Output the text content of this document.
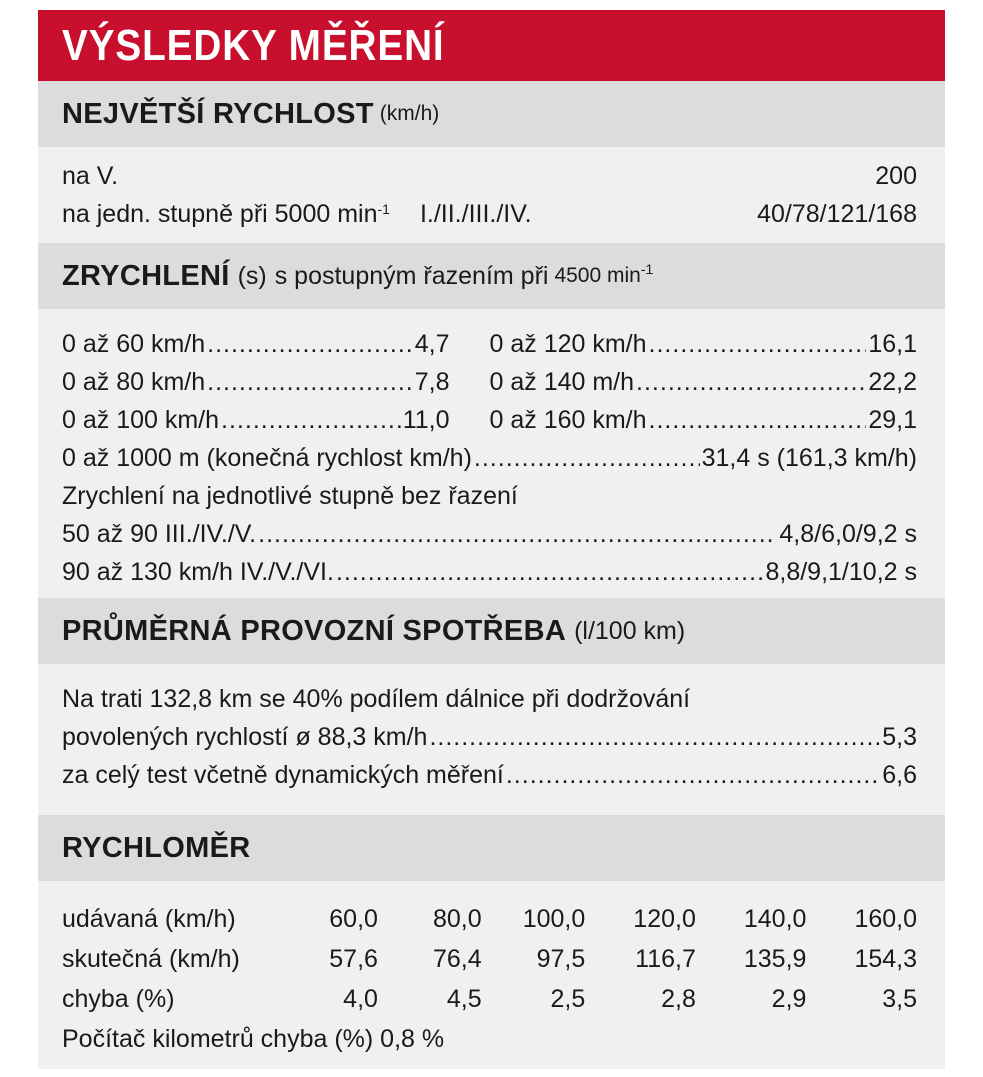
VÝSLEDKY MĚŘENÍ
NEJVĚTŠÍ RYCHLOST (km/h)
na V.	200
na jedn. stupně při 5000 $\min^{-1} I./II./III./IV$.	40/78/121/168
ZRYCHLENÍ (s) s postupným řazením při 4500 $\min^{-1}$
0 až 60 km/h .....	4,7 0 až 120 km/h .....	16,1
0 až 80 km/h .....	7,8 0 až 140 m/h .....	22,2
0 až 100 km/h .....	11,0 0 až 160 km/h .....	29,1
0 až 1000 m (konečná rychlost km/h) .....	31,4 s (161,3 km/h)
Zrychlení na jednotlivé stupně bez řazení
50 až 90 III./IV./V. .....	4,8/6,0/9,2 s
90 až 130 km/h IV./V./VI. .....	8,8/9,1/10,2 s
PRŮMĚRNÁ PROVOZNÍ SPOTŘEBA (l/100 km)
Na trati 132,8 km se 40% podílem dálnice při dodržování
povolených rychlostí ø 88,3 km/h .....	5,3
za celý test včetně dynamických měření .....	6,6
RYCHLOMĚR
udávaná (km/h)	60,0	80,0	100,0	120,0	140,0	160,0
skutečná (km/h)	57,6	76,4	97,5	116,7	135,9	154,3
chyba (%)	4,0	4,5	2,5	2,8	2,9	3,5
Počítač kilometrů chyba (%) 0,8 %
